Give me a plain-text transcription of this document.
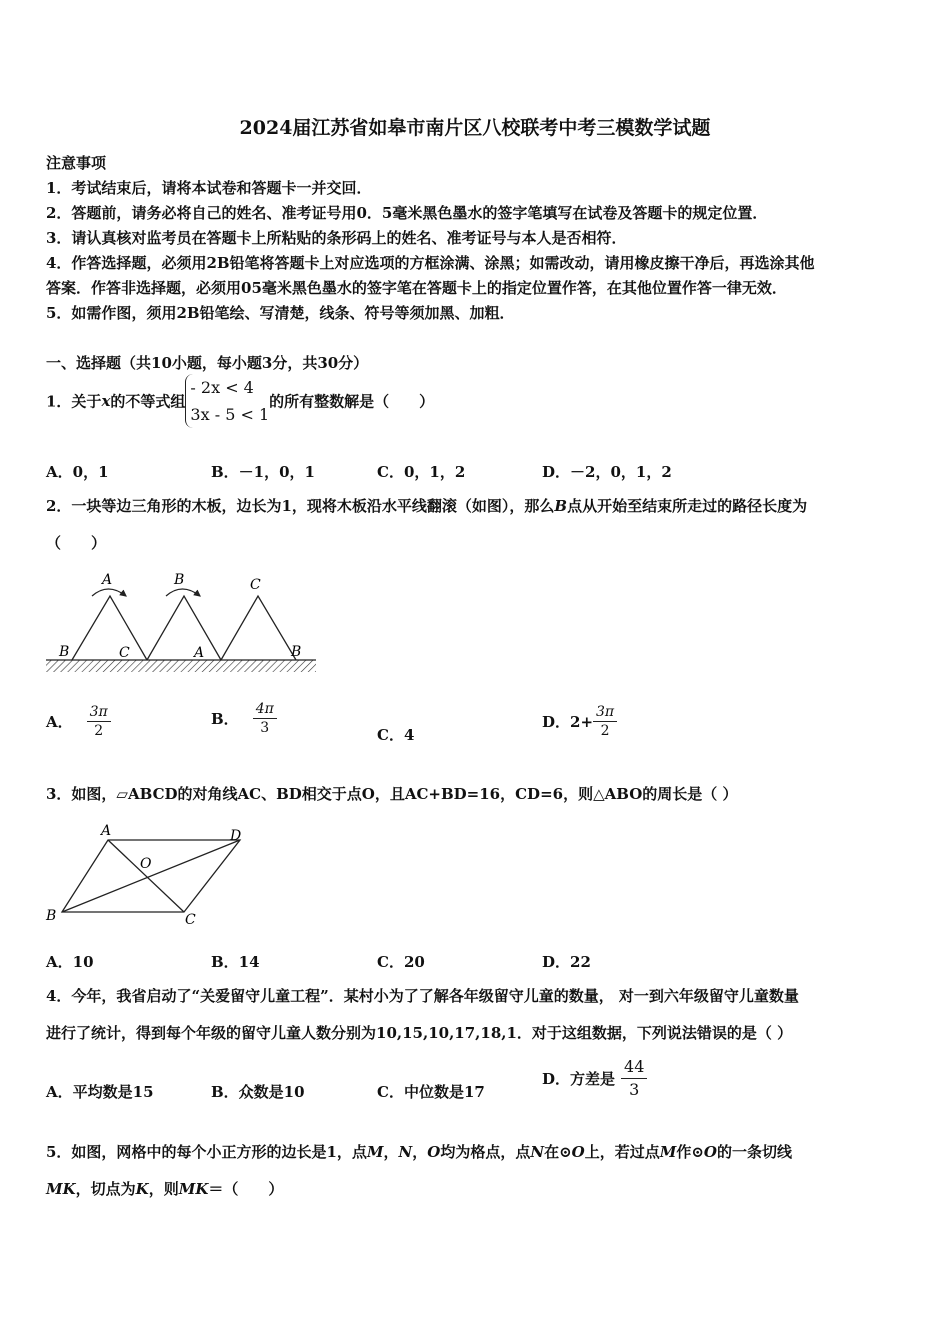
2024届江苏省如皋市南片区八校联考中考三模数学试题
注意事项
1．考试结束后，请将本试卷和答题卡一并交回．
2．答题前，请务必将自己的姓名、准考证号用0．5毫米黑色墨水的签字笔填写在试卷及答题卡的规定位置．
3．请认真核对监考员在答题卡上所粘贴的条形码上的姓名、准考证号与本人是否相符．
4．作答选择题，必须用2B铅笔将答题卡上对应选项的方框涂满、涂黑；如需改动，请用橡皮擦干净后，再选涂其他
答案．作答非选择题，必须用05毫米黑色墨水的签字笔在答题卡上的指定位置作答，在其他位置作答一律无效．
5．如需作图，须用2B铅笔绘、写清楚，线条、符号等须加黑、加粗．
一、选择题（共10小题，每小题3分，共30分）
1．关于x的不等式组
- 2x < 4
3x - 5 < 1
的所有整数解是（　　）
A．0，1	B．－1，0，1	C．0，1，2	D．－2，0，1，2
2．一块等边三角形的木板，边长为1，现将木板沿水平线翻滚（如图），那么B点从开始至结束所走过的路径长度为
（　　）
A	B	C
B	C	A	B
A． $\frac{3\pi}{2}$	B． $\frac{4\pi}{3}$	C．4
D．$2+ \frac{3\pi}{2}$
3．如图，▱ABCD的对角线AC、BD相交于点O，且AC+BD=16，CD=6，则△ABO的周长是（ ）
A	D
O
B	C
A．10	B．14	C．20	D．22
4．今年，我省启动了“关爱留守儿童工程”．某村小为了了解各年级留守儿童的数量， 对一到六年级留守儿童数量
进行了统计，得到每个年级的留守儿童人数分别为10,15,10,17,18,1．对于这组数据，下列说法错误的是（ ）
A．平均数是15	B．众数是10	C．中位数是17
D．方差是 $\frac{44}{3}$
5．如图，网格中的每个小正方形的边长是1，点M，N，O均为格点，点N在⊙O上，若过点M作⊙O的一条切线
MK，切点为K，则MK＝（　　）
